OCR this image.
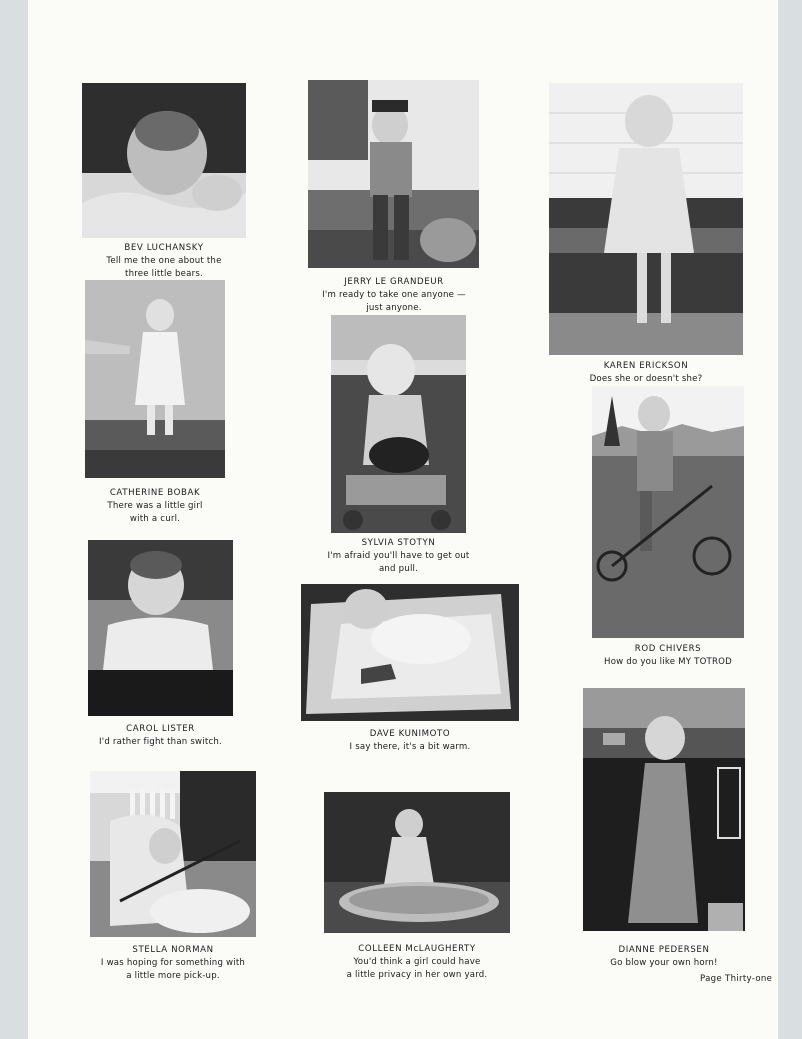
BEV LUCHANSKY
Tell me the one about the
three little bears.
JERRY LE GRANDEUR
I'm ready to take one anyone —
just anyone.
KAREN ERICKSON
Does she or doesn't she?
CATHERINE BOBAK
There was a little girl
with a curl.
SYLVIA STOTYN
I'm afraid you'll have to get out
and pull.
ROD CHIVERS
How do you like MY TOTROD
CAROL LISTER
I'd rather fight than switch.
DAVE KUNIMOTO
I say there, it's a bit warm.
DIANNE PEDERSEN
Go blow your own horn!
STELLA NORMAN
I was hoping for something with
a little more pick-up.
COLLEEN McLAUGHERTY
You'd think a girl could have
a little privacy in her own yard.	Page Thirty-one
